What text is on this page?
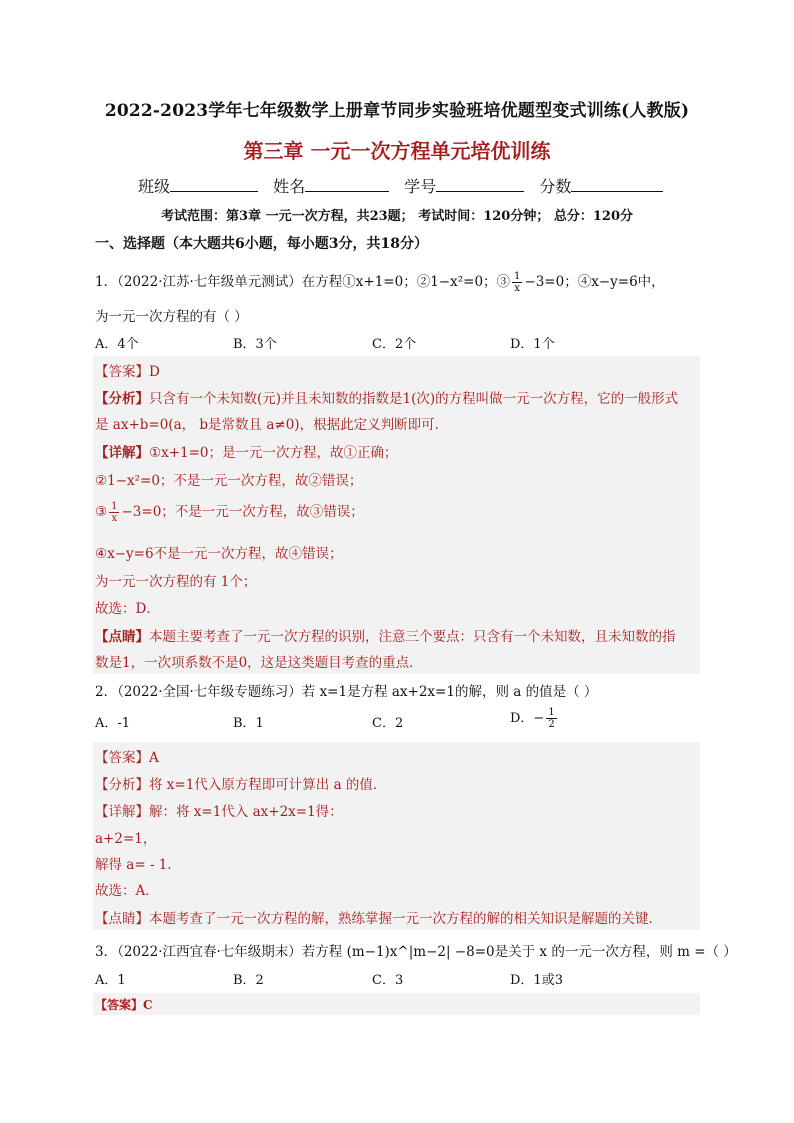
2022-2023学年七年级数学上册章节同步实验班培优题型变式训练(人教版)
第三章 一元一次方程单元培优训练
班级	姓名	学号	分数
考试范围：第3章 一元一次方程，共23题； 考试时间：120分钟； 总分：120分
一、选择题（本大题共6小题，每小题3分，共18分）
1．（2022·江苏·七年级单元测试）在方程①x+1=0；②1−x²=0；③ $\frac{1}{x} -3=0$；④x−y=6中，
为一元一次方程的有（ ）
A．4个	B．3个	C．2个	D．1个
【答案】D
【分析】只含有一个未知数(元)并且未知数的指数是1(次)的方程叫做一元一次方程，它的一般形式
是 ax+b=0(a， b是常数且 a≠0)，根据此定义判断即可．
【详解】①x+1=0；是一元一次方程，故①正确；
②1−x²=0；不是一元一次方程，故②错误；
③ $\frac{1}{x} -3=0$；不是一元一次方程，故③错误；
④x−y=6不是一元一次方程，故④错误；
为一元一次方程的有 1个；
故选：D．
【点睛】本题主要考查了一元一次方程的识别，注意三个要点：只含有一个未知数，且未知数的指
数是1，一次项系数不是0，这是这类题目考查的重点．
2．（2022·全国·七年级专题练习）若 x=1是方程 ax+2x=1的解，则 a 的值是（ ）
A．-1	B．1	C．2	D．− $\frac{1}{2}$
【答案】A
【分析】将 x=1代入原方程即可计算出 a 的值．
【详解】解：将 x=1代入 ax+2x=1得：
a+2=1，
解得 a= - 1．
故选：A．
【点睛】本题考查了一元一次方程的解，熟练掌握一元一次方程的解的相关知识是解题的关键．
3．（2022·江西宜春·七年级期末）若方程 (m−1)x^|m−2| −8=0是关于 x 的一元一次方程，则 m =（ ）
A．1	B．2	C．3	D．1或3
【答案】C
